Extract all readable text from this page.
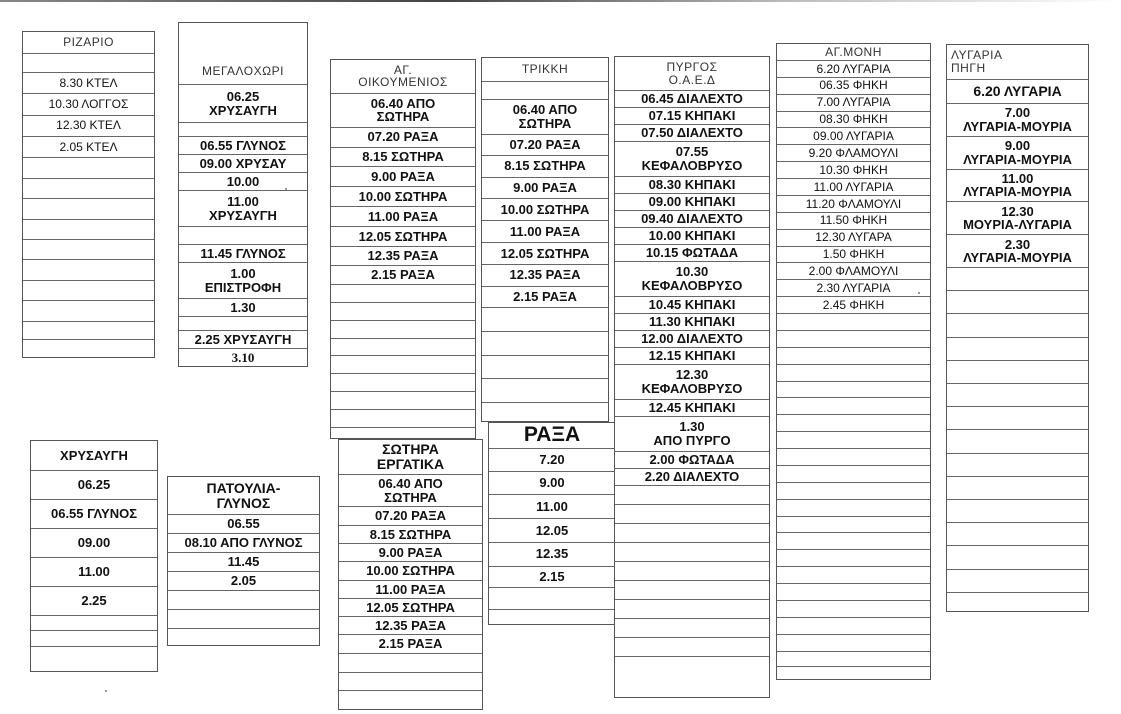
ΡΙΖΑΡΙΟ
8.30 ΚΤΕΛ
10.30 ΛΟΓΓΟΣ
12.30 ΚΤΕΛ
2.05 ΚΤΕΛ
ΜΕΓΑΛΟΧΩΡΙ
06.25
ΧΡΥΣΑΥΓΗ
06.55 ΓΛΥΝΟΣ
09.00 ΧΡΥΣΑΥ
10.00
11.00
ΧΡΥΣΑΥΓΗ
11.45 ΓΛΥΝΟΣ
1.00
ΕΠΙΣΤΡΟΦΗ
1.30
2.25 ΧΡΥΣΑΥΓΗ
3.10
ΑΓ.
ΟΙΚΟΥΜΕΝΙΟΣ
06.40 ΑΠΟ
ΣΩΤΗΡΑ
07.20 ΡΑΞΑ
8.15 ΣΩΤΗΡΑ
9.00 ΡΑΞΑ
10.00 ΣΩΤΗΡΑ
11.00 ΡΑΞΑ
12.05 ΣΩΤΗΡΑ
12.35 ΡΑΞΑ
2.15 ΡΑΞΑ
ΣΩΤΗΡΑ
ΕΡΓΑΤΙΚΑ
06.40 ΑΠΟ
ΣΩΤΗΡΑ
07.20 ΡΑΞΑ
8.15 ΣΩΤΗΡΑ
9.00 ΡΑΞΑ
10.00 ΣΩΤΗΡΑ
11.00 ΡΑΞΑ
12.05 ΣΩΤΗΡΑ
12.35 ΡΑΞΑ
2.15 ΡΑΞΑ
ΤΡΙΚΚΗ
06.40 ΑΠΟ
ΣΩΤΗΡΑ
07.20 ΡΑΞΑ
8.15 ΣΩΤΗΡΑ
9.00 ΡΑΞΑ
10.00 ΣΩΤΗΡΑ
11.00 ΡΑΞΑ
12.05 ΣΩΤΗΡΑ
12.35 ΡΑΞΑ
2.15 ΡΑΞΑ
ΡΑΞΑ
7.20
9.00
11.00
12.05
12.35
2.15
ΠΥΡΓΟΣ
Ο.Α.Ε.Δ
06.45 ΔΙΑΛΕΧΤΟ
07.15 ΚΗΠΑΚΙ
07.50 ΔΙΑΛΕΧΤΟ
07.55
ΚΕΦΑΛΟΒΡΥΣΟ
08.30 ΚΗΠΑΚΙ
09.00 ΚΗΠΑΚΙ
09.40 ΔΙΑΛΕΧΤΟ
10.00 ΚΗΠΑΚΙ
10.15 ΦΩΤΑΔΑ
10.30
ΚΕΦΑΛΟΒΡΥΣΟ
10.45 ΚΗΠΑΚΙ
11.30 ΚΗΠΑΚΙ
12.00 ΔΙΑΛΕΧΤΟ
12.15 ΚΗΠΑΚΙ
12.30
ΚΕΦΑΛΟΒΡΥΣΟ
12.45 ΚΗΠΑΚΙ
1.30
ΑΠΟ ΠΥΡΓΟ
2.00 ΦΩΤΑΔΑ
2.20 ΔΙΑΛΕΧΤΟ
ΑΓ.ΜΟΝΗ
6.20 ΛΥΓΑΡΙΑ
06.35 ΦΗΚΗ
7.00 ΛΥΓΑΡΙΑ
08.30 ΦΗΚΗ
09.00 ΛΥΓΑΡΙΑ
9.20 ΦΛΑΜΟΥΛΙ
10.30 ΦΗΚΗ
11.00 ΛΥΓΑΡΙΑ
11.20 ΦΛΑΜΟΥΛΙ
11.50 ΦΗΚΗ
12.30 ΛΥΓΑΡΑ
1.50 ΦΗΚΗ
2.00 ΦΛΑΜΟΥΛΙ
2.30 ΛΥΓΑΡΙΑ
2.45 ΦΗΚΗ
ΛΥΓΑΡΙΑ
ΠΗΓΗ
6.20 ΛΥΓΑΡΙΑ
7.00
ΛΥΓΑΡΙΑ-ΜΟΥΡΙΑ
9.00
ΛΥΓΑΡΙΑ-ΜΟΥΡΙΑ
11.00
ΛΥΓΑΡΙΑ-ΜΟΥΡΙΑ
12.30
ΜΟΥΡΙΑ-ΛΥΓΑΡΙΑ
2.30
ΛΥΓΑΡΙΑ-ΜΟΥΡΙΑ
ΧΡΥΣΑΥΓΗ
06.25
06.55 ΓΛΥΝΟΣ
09.00
11.00
2.25
ΠΑΤΟΥΛΙΑ-
ΓΛΥΝΟΣ
06.55
08.10 ΑΠΟ ΓΛΥΝΟΣ
11.45
2.05
